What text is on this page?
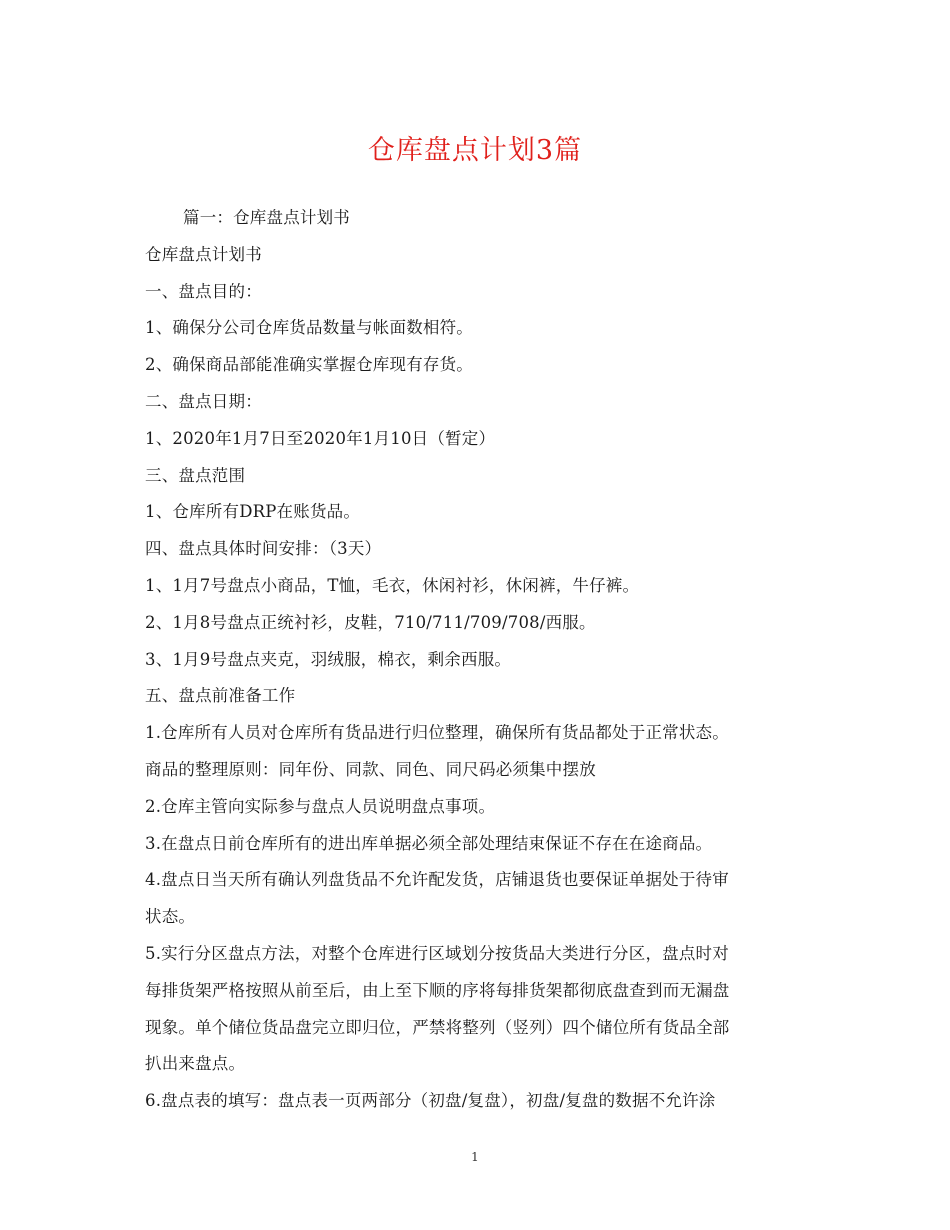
仓库盘点计划3篇
篇一：仓库盘点计划书
仓库盘点计划书
一、盘点目的：
1、确保分公司仓库货品数量与帐面数相符。
2、确保商品部能准确实掌握仓库现有存货。
二、盘点日期：
1、2020年1月7日至2020年1月10日（暂定）
三、盘点范围
1、仓库所有DRP在账货品。
四、盘点具体时间安排：（3天）
1、1月7号盘点小商品，T恤，毛衣，休闲衬衫，休闲裤，牛仔裤。
2、1月8号盘点正统衬衫，皮鞋，710/711/709/708/西服。
3、1月9号盘点夹克，羽绒服，棉衣，剩余西服。
五、盘点前准备工作
1.仓库所有人员对仓库所有货品进行归位整理，确保所有货品都处于正常状态。
商品的整理原则：同年份、同款、同色、同尺码必须集中摆放
2.仓库主管向实际参与盘点人员说明盘点事项。
3.在盘点日前仓库所有的进出库单据必须全部处理结束保证不存在在途商品。
4.盘点日当天所有确认列盘货品不允许配发货，店铺退货也要保证单据处于待审
状态。
5.实行分区盘点方法，对整个仓库进行区域划分按货品大类进行分区，盘点时对
每排货架严格按照从前至后，由上至下顺的序将每排货架都彻底盘查到而无漏盘
现象。单个储位货品盘完立即归位，严禁将整列（竖列）四个储位所有货品全部
扒出来盘点。
6.盘点表的填写：盘点表一页两部分（初盘/复盘），初盘/复盘的数据不允许涂
1
